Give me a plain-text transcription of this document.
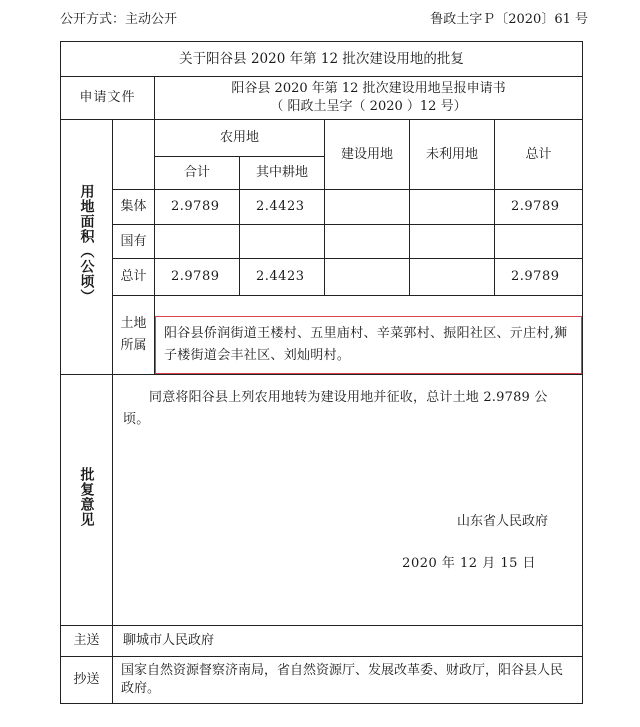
公开方式：主动公开	鲁政土字Ｐ〔2020〕61 号
关于阳谷县 2020 年第 12 批次建设用地的批复						
申请文件		阳谷县 2020 年第 12 批次建设用地呈报申请书
（ 阳政土呈字（ 2020 ）12 号）				

用地面积（公顷）		农用地		建设用地	未利用地	总计
		合计	其中耕地			
	集体	2.9789	2.4423			2.9789
	国有					
	总计	2.9789	2.4423			2.9789

	土地
所属					

		阳谷县侨润街道王楼村、五里庙村、辛菜郭村、振阳社区、亓庄村,狮子楼街道会丰社区、刘灿明村。				

批复意见	同意将阳谷县上列农用地转为建设用地并征收，总计土地 2.9789 公顷。
山东省人民政府
2020 年 12 月 15 日					

主送	聊城市人民政府					
抄送	国家自然资源督察济南局，省自然资源厅、发展改革委、财政厅，阳谷县人民政府。					
